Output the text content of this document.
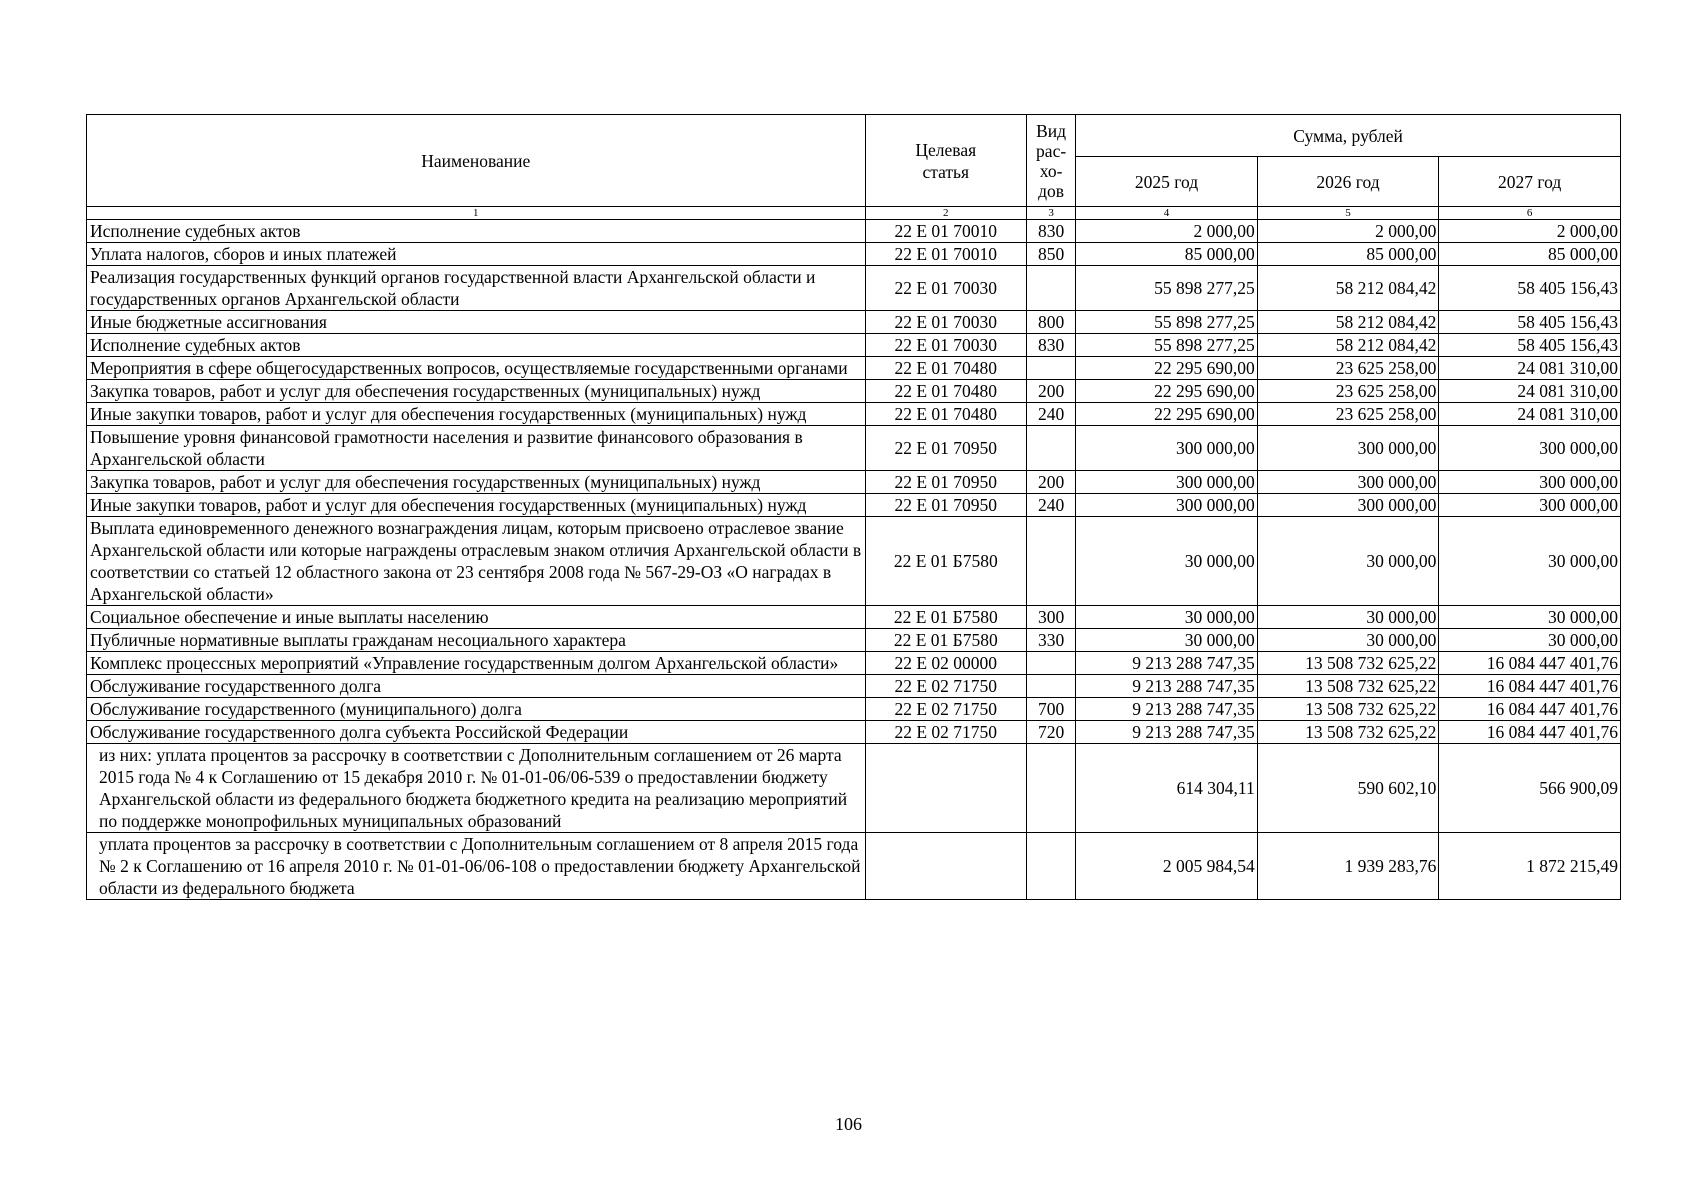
Наименование	Целевая статья	Вид
рас-
хо-
дов	Сумма, рублей		
			2025 год	2026 год	2027 год
1	2	3	4	5	6
Исполнение судебных актов	22 Е 01 70010	830	2 000,00	2 000,00	2 000,00
Уплата налогов, сборов и иных платежей	22 Е 01 70010	850	85 000,00	85 000,00	85 000,00
Реализация государственных функций органов государственной власти Архангельской области и государственных органов Архангельской области	22 Е 01 70030		55 898 277,25	58 212 084,42	58 405 156,43
Иные бюджетные ассигнования	22 Е 01 70030	800	55 898 277,25	58 212 084,42	58 405 156,43
Исполнение судебных актов	22 Е 01 70030	830	55 898 277,25	58 212 084,42	58 405 156,43
Мероприятия в сфере общегосударственных вопросов, осуществляемые государственными органами	22 Е 01 70480		22 295 690,00	23 625 258,00	24 081 310,00
Закупка товаров, работ и услуг для обеспечения государственных (муниципальных) нужд	22 Е 01 70480	200	22 295 690,00	23 625 258,00	24 081 310,00
Иные закупки товаров, работ и услуг для обеспечения государственных (муниципальных) нужд	22 Е 01 70480	240	22 295 690,00	23 625 258,00	24 081 310,00
Повышение уровня финансовой грамотности населения и развитие финансового образования в Архангельской области	22 Е 01 70950		300 000,00	300 000,00	300 000,00
Закупка товаров, работ и услуг для обеспечения государственных (муниципальных) нужд	22 Е 01 70950	200	300 000,00	300 000,00	300 000,00
Иные закупки товаров, работ и услуг для обеспечения государственных (муниципальных) нужд	22 Е 01 70950	240	300 000,00	300 000,00	300 000,00
Выплата единовременного денежного вознаграждения лицам, которым присвоено отраслевое звание Архангельской области или которые награждены отраслевым знаком отличия Архангельской области в соответствии со статьей 12 областного закона от 23 сентября 2008 года № 567-29-ОЗ «О наградах в Архангельской области»	22 Е 01 Б7580		30 000,00	30 000,00	30 000,00
Социальное обеспечение и иные выплаты населению	22 Е 01 Б7580	300	30 000,00	30 000,00	30 000,00
Публичные нормативные выплаты гражданам несоциального характера	22 Е 01 Б7580	330	30 000,00	30 000,00	30 000,00
Комплекс процессных мероприятий «Управление государственным долгом Архангельской области»	22 Е 02 00000		9 213 288 747,35	13 508 732 625,22	16 084 447 401,76
Обслуживание государственного долга	22 Е 02 71750		9 213 288 747,35	13 508 732 625,22	16 084 447 401,76
Обслуживание государственного (муниципального) долга	22 Е 02 71750	700	9 213 288 747,35	13 508 732 625,22	16 084 447 401,76
Обслуживание государственного долга субъекта Российской Федерации	22 Е 02 71750	720	9 213 288 747,35	13 508 732 625,22	16 084 447 401,76
из них: уплата процентов за рассрочку в соответствии с Дополнительным соглашением от 26 марта 2015 года № 4 к Соглашению от 15 декабря 2010 г. № 01-01-06/06-539 о предоставлении бюджету Архангельской области из федерального бюджета бюджетного кредита на реализацию мероприятий по поддержке монопрофильных муниципальных образований			614 304,11	590 602,10	566 900,09
уплата процентов за рассрочку в соответствии с Дополнительным соглашением от 8 апреля 2015 года № 2 к Соглашению от 16 апреля 2010 г. № 01-01-06/06-108 о предоставлении бюджету Архангельской области из федерального бюджета			2 005 984,54	1 939 283,76	1 872 215,49
106
